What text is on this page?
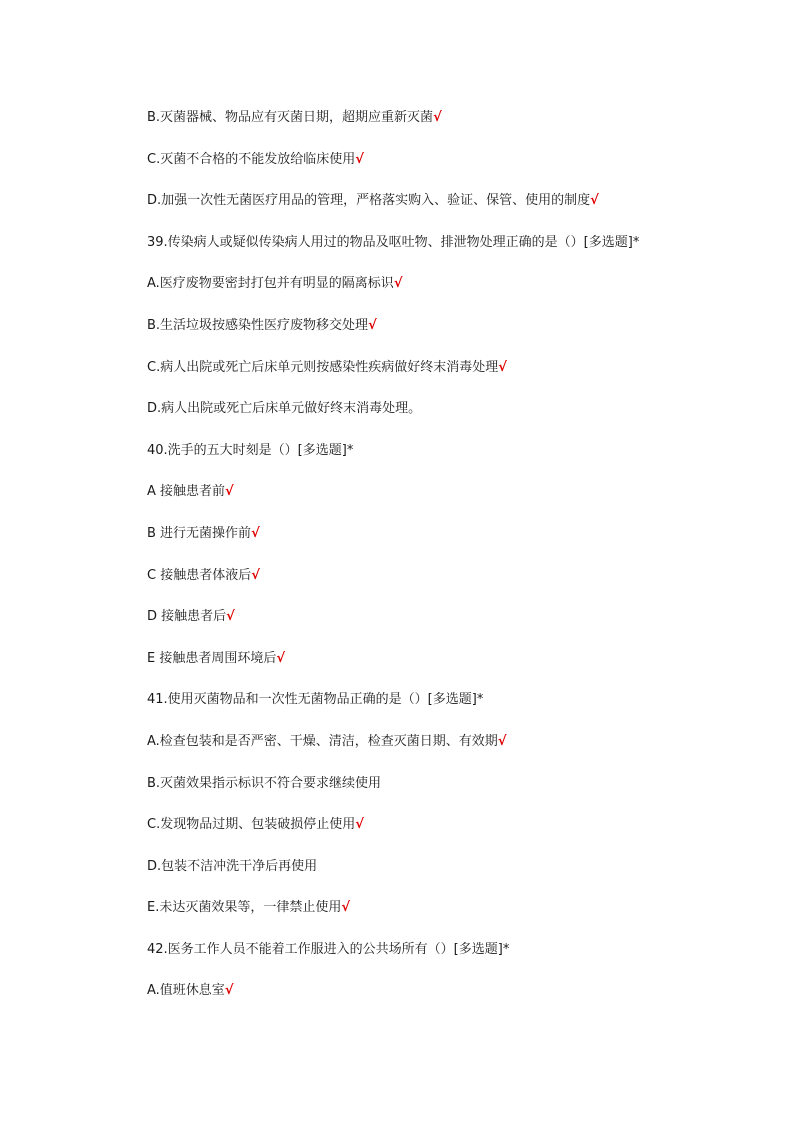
B.灭菌器械、物品应有灭菌日期，超期应重新灭菌√
C.灭菌不合格的不能发放给临床使用√
D.加强一次性无菌医疗用品的管理，严格落实购入、验证、保管、使用的制度√
39.传染病人或疑似传染病人用过的物品及呕吐物、排泄物处理正确的是（）[多选题]*
A.医疗废物要密封打包并有明显的隔离标识√
B.生活垃圾按感染性医疗废物移交处理√
C.病人出院或死亡后床单元则按感染性疾病做好终末消毒处理√
D.病人出院或死亡后床单元做好终末消毒处理。
40.洗手的五大时刻是（）[多选题]*
A 接触患者前√
B 进行无菌操作前√
C 接触患者体液后√
D 接触患者后√
E 接触患者周围环境后√
41.使用灭菌物品和一次性无菌物品正确的是（）[多选题]*
A.检查包装和是否严密、干燥、清洁，检查灭菌日期、有效期√
B.灭菌效果指示标识不符合要求继续使用
C.发现物品过期、包装破损停止使用√
D.包装不洁冲洗干净后再使用
E.未达灭菌效果等，一律禁止使用√
42.医务工作人员不能着工作服进入的公共场所有（）[多选题]*
A.值班休息室√
